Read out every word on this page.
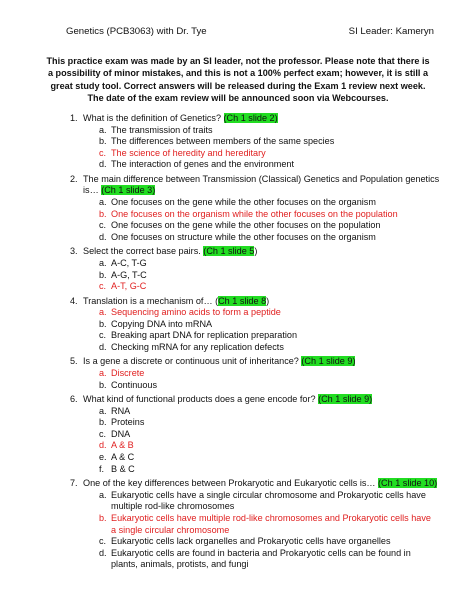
Genetics (PCB3063) with Dr. Tye	SI Leader: Kameryn
This practice exam was made by an SI leader, not the professor. Please note that there is
a possibility of minor mistakes, and this is not a 100% perfect exam; however, it is still a
great study tool. Correct answers will be released during the Exam 1 review next week.
The date of the exam review will be announced soon via Webcourses.
1. What is the definition of Genetics? (Ch 1 slide 2)
a. The transmission of traits
b. The differences between members of the same species
c. The science of heredity and hereditary
d. The interaction of genes and the environment
2. The main difference between Transmission (Classical) Genetics and Population genetics
is… (Ch 1 slide 3)
a. One focuses on the gene while the other focuses on the organism
b. One focuses on the organism while the other focuses on the population
c. One focuses on the gene while the other focuses on the population
d. One focuses on structure while the other focuses on the organism
3. Select the correct base pairs. (Ch 1 slide 5)
a. A-C, T-G
b. A-G, T-C
c. A-T, G-C
4. Translation is a mechanism of… (Ch 1 slide 8)
a. Sequencing amino acids to form a peptide
b. Copying DNA into mRNA
c. Breaking apart DNA for replication preparation
d. Checking mRNA for any replication defects
5. Is a gene a discrete or continuous unit of inheritance? (Ch 1 slide 9)
a. Discrete
b. Continuous
6. What kind of functional products does a gene encode for? (Ch 1 slide 9)
a. RNA
b. Proteins
c. DNA
d. A & B
e. A & C
f. B & C
7. One of the key differences between Prokaryotic and Eukaryotic cells is… (Ch 1 slide 10)
a. Eukaryotic cells have a single circular chromosome and Prokaryotic cells have
multiple rod-like chromosomes
b. Eukaryotic cells have multiple rod-like chromosomes and Prokaryotic cells have
a single circular chromosome
c. Eukaryotic cells lack organelles and Prokaryotic cells have organelles
d. Eukaryotic cells are found in bacteria and Prokaryotic cells can be found in
plants, animals, protists, and fungi
